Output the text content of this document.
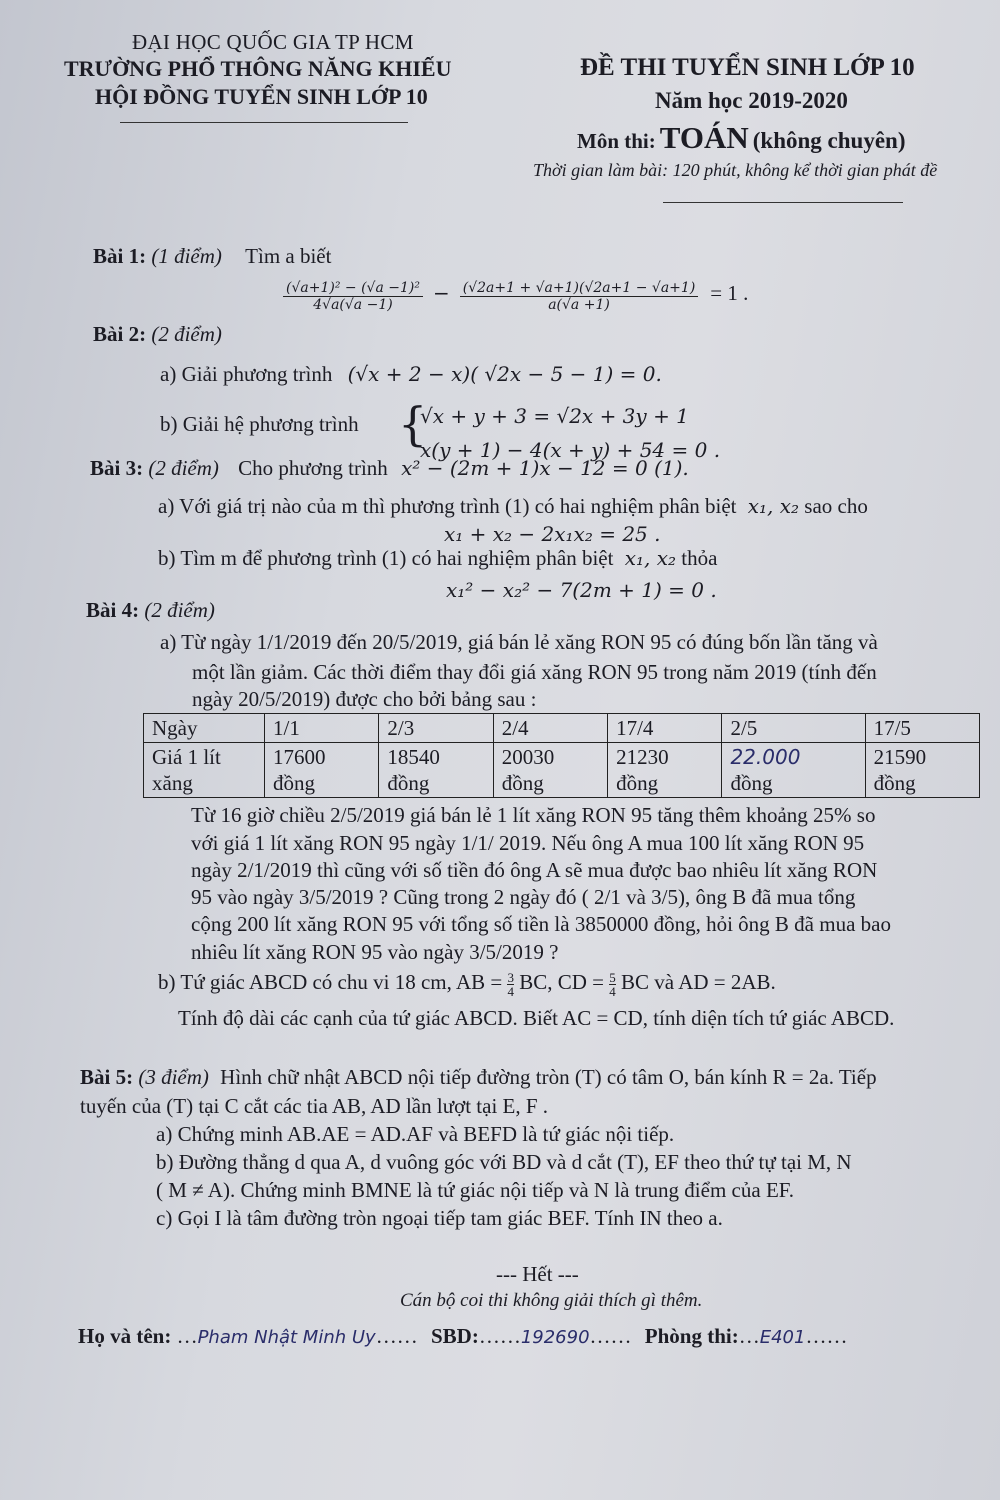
ĐẠI HỌC QUỐC GIA TP HCM
TRƯỜNG PHỔ THÔNG NĂNG KHIẾU
HỘI ĐỒNG TUYỂN SINH LỚP 10
ĐỀ THI TUYỂN SINH LỚP 10
Năm học 2019-2020
Môn thi: TOÁN (không chuyên)
Thời gian làm bài: 120 phút, không kể thời gian phát đề
Bài 1: (1 điểm) Tìm a biết
$\frac{\text{(√a+1)² − (√a −1)²}}{4√a(√a -1)} - \frac{(√2a+1 + √a+1)(√2a+1 - √a+1)}{a(√a +1)} = 1$ .
Bài 2: (2 điểm)
a) Giải phương trình (√x + 2 − x)( √2x − 5 − 1) = 0.
b) Giải hệ phương trình {
√x + y + 3 = √2x + 3y + 1
x(y + 1) − 4(x + y) + 54 = 0 .
Bài 3: (2 điểm) Cho phương trình x² − (2m + 1)x − 12 = 0 (1).
a) Với giá trị nào của m thì phương trình (1) có hai nghiệm phân biệt x₁, x₂ sao cho
x₁ + x₂ − 2x₁x₂ = 25 .
b) Tìm m để phương trình (1) có hai nghiệm phân biệt x₁, x₂ thỏa
x₁² − x₂² − 7(2m + 1) = 0 .
Bài 4: (2 điểm)
a) Từ ngày 1/1/2019 đến 20/5/2019, giá bán lẻ xăng RON 95 có đúng bốn lần tăng và
một lần giảm. Các thời điểm thay đổi giá xăng RON 95 trong năm 2019 (tính đến
ngày 20/5/2019) được cho bởi bảng sau :
Ngày	1/1	2/3	2/4	17/4	2/5	17/5
Giá 1 lít
xăng	17600
đồng	18540
đồng	20030
đồng	21230
đồng	22.000
đồng	21590
đồng
Từ 16 giờ chiều 2/5/2019 giá bán lẻ 1 lít xăng RON 95 tăng thêm khoảng 25% so
với giá 1 lít xăng RON 95 ngày 1/1/ 2019. Nếu ông A mua 100 lít xăng RON 95
ngày 2/1/2019 thì cũng với số tiền đó ông A sẽ mua được bao nhiêu lít xăng RON
95 vào ngày 3/5/2019 ? Cũng trong 2 ngày đó ( 2/1 và 3/5), ông B đã mua tổng
cộng 200 lít xăng RON 95 với tổng số tiền là 3850000 đồng, hỏi ông B đã mua bao
nhiêu lít xăng RON 95 vào ngày 3/5/2019 ?
b) Tứ giác ABCD có chu vi 18 cm, AB = $\frac{3}{4}$ BC, CD = $\frac{5}{4}$ BC và AD = 2AB.
Tính độ dài các cạnh của tứ giác ABCD. Biết AC = CD, tính diện tích tứ giác ABCD.
Bài 5: (3 điểm) Hình chữ nhật ABCD nội tiếp đường tròn (T) có tâm O, bán kính R = 2a. Tiếp
tuyến của (T) tại C cắt các tia AB, AD lần lượt tại E, F .
a) Chứng minh AB.AE = AD.AF và BEFD là tứ giác nội tiếp.
b) Đường thẳng d qua A, d vuông góc với BD và d cắt (T), EF theo thứ tự tại M, N
( M ≠ A). Chứng minh BMNE là tứ giác nội tiếp và N là trung điểm của EF.
c) Gọi I là tâm đường tròn ngoại tiếp tam giác BEF. Tính IN theo a.
--- Hết ---
Cán bộ coi thi không giải thích gì thêm.
Họ và tên: …Pham Nhật Minh Uy…… SBD:……192690…… Phòng thi:…E401……
